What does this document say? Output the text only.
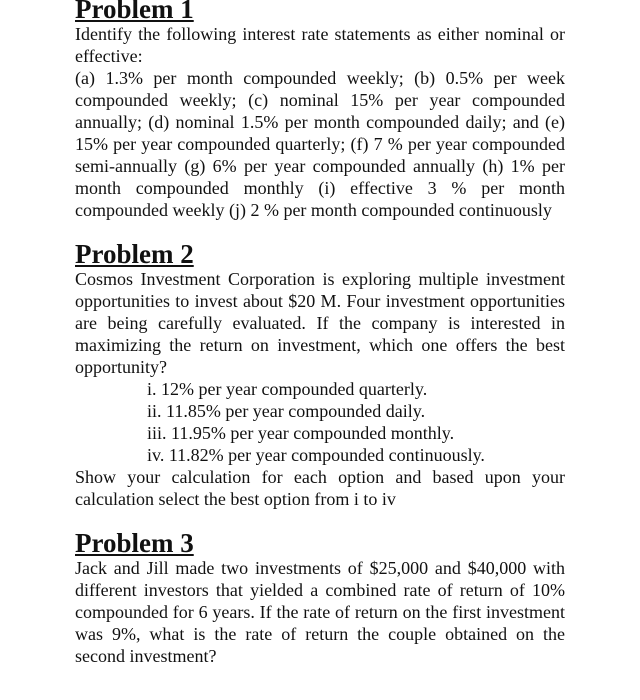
Problem 1

Identify the following interest rate statements as either nominal or effective:

(a) 1.3% per month compounded weekly; (b) 0.5% per week compounded weekly; (c) nominal 15% per year compounded annually; (d) nominal 1.5% per month compounded daily; and (e) 15% per year compounded quarterly; (f) 7 % per year compounded semi-annually (g) 6% per year compounded annually (h) 1% per month compounded monthly (i) effective 3 % per month compounded weekly (j) 2 % per month compounded continuously

Problem 2

Cosmos Investment Corporation is exploring multiple investment opportunities to invest about $20 M. Four investment opportunities are being carefully evaluated. If the company is interested in maximizing the return on investment, which one offers the best opportunity?

i. 12% per year compounded quarterly.
ii. 11.85% per year compounded daily.
iii. 11.95% per year compounded monthly.
iv. 11.82% per year compounded continuously.

Show your calculation for each option and based upon your calculation select the best option from i to iv

Problem 3

Jack and Jill made two investments of $25,000 and $40,000 with different investors that yielded a combined rate of return of 10% compounded for 6 years. If the rate of return on the first investment was 9%, what is the rate of return the couple obtained on the second investment?
